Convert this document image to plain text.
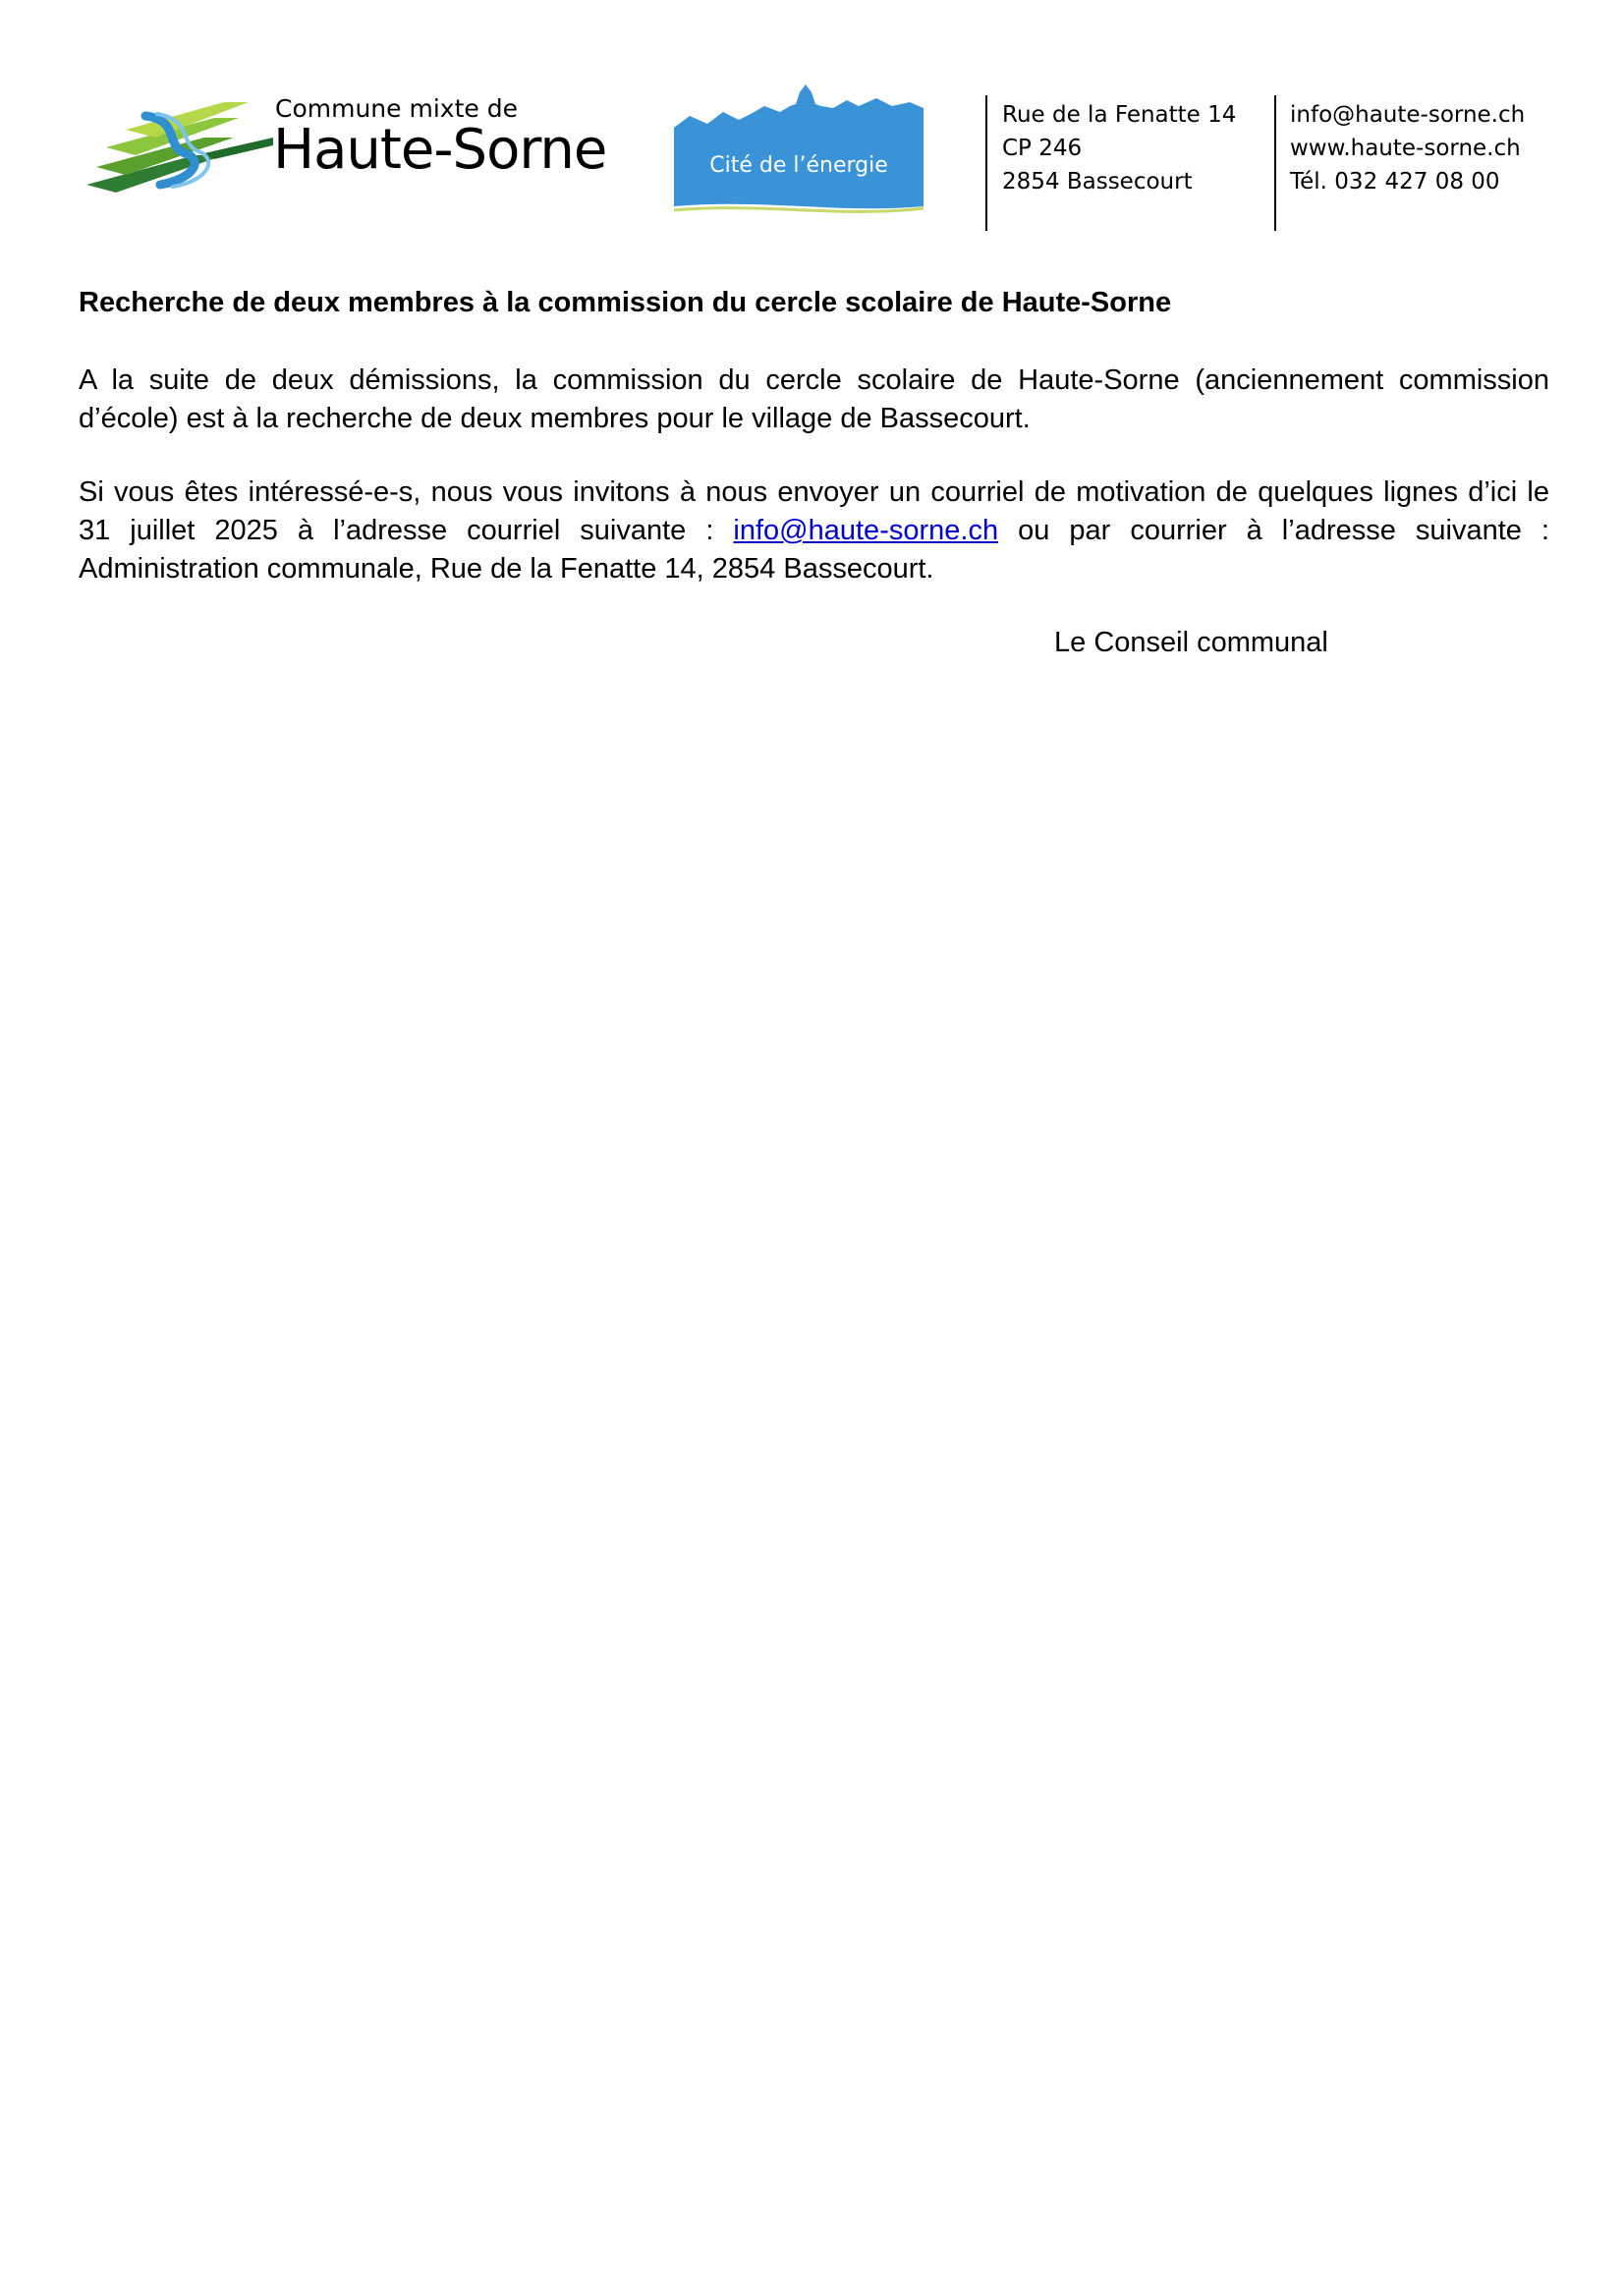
Commune mixte de
Haute-Sorne	Cité de l’énergie
Rue de la Fenatte 14
CP 246
2854 Bassecourt
info@haute-sorne.ch
www.haute-sorne.ch
Tél. 032 427 08 00
Recherche de deux membres à la commission du cercle scolaire de Haute-Sorne

A la suite de deux démissions, la commission du cercle scolaire de Haute-Sorne (anciennement commission d’école) est à la recherche de deux membres pour le village de Bassecourt.

Si vous êtes intéressé-e-s, nous vous invitons à nous envoyer un courriel de motivation de quelques lignes d’ici le 31 juillet 2025 à l’adresse courriel suivante : info@haute-sorne.ch ou par courrier à l’adresse suivante : Administration communale, Rue de la Fenatte 14, 2854 Bassecourt.

Le Conseil communal
